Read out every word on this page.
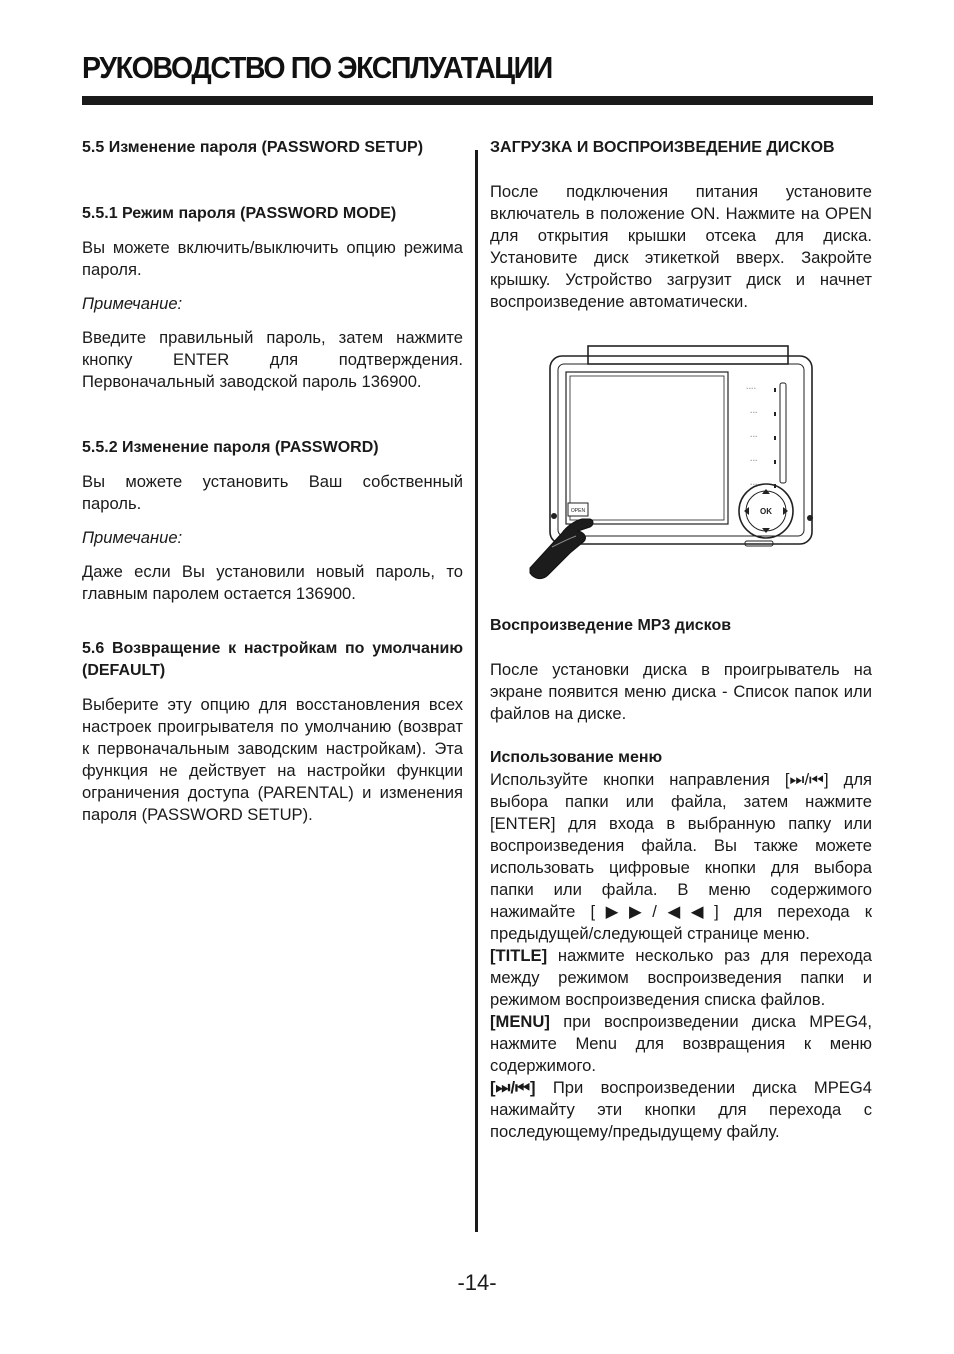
РУКОВОДСТВО ПО ЭКСПЛУАТАЦИИ
5.5 Изменение пароля (PASSWORD SETUP)
5.5.1 Режим пароля (PASSWORD MODE)

Вы можете включить/выключить опцию режима пароля.

Примечание:

Введите правильный пароль, затем нажмите кнопку ENTER для подтверждения. Первоначальный заводской пароль 136900.

5.5.2 Изменение пароля (PASSWORD)

Вы можете установить Ваш собственный пароль.

Примечание:

Даже если Вы установили новый пароль, то главным паролем остается 136900.

5.6 Возвращение к настройкам по умолчанию (DEFAULT)

Выберите эту опцию для восстановления всех настроек проигрывателя по умолчанию (возврат к первоначальным заводским настройкам). Эта функция не действует на настройки функции ограничения доступа (PARENTAL) и изменения пароля (PASSWORD SETUP).

ЗАГРУЗКА И ВОСПРОИЗВЕДЕНИЕ ДИСКОВ

После подключения питания установите включатель в положение ON. Нажмите на OPEN для открытия крышки отсека для диска. Установите диск этикеткой вверх. Закройте крышку. Устройство загрузит диск и начнет воспроизведение автоматически.

⁃⁃⁃⁃
⁃⁃⁃
⁃⁃⁃
⁃⁃⁃
⁃⁃⁃
OPEN	OK
Воспроизведение MP3 дисков

После установки диска в проигрыватель на экране появится меню диска - Список папок или файлов на диске.

Использование меню

Используйте кнопки направления [⏭/⏮] для выбора папки или файла, затем нажмите [ENTER] для входа в выбранную папку или воспроизведения файла. Вы также можете использовать цифровые кнопки для выбора папки или файла. В меню содержимого нажимайте [▶▶/◀◀] для перехода к предыдущей/следующей странице меню.

[TITLE] нажмите несколько раз для перехода между режимом воспроизведения папки и режимом воспроизведения списка файлов.

[MENU] при воспроизведении диска MPEG4, нажмите Menu для возвращения к меню содержимого.

[⏭/⏮] При воспроизведении диска MPEG4 нажимайту эти кнопки для перехода с последующему/предыдущему файлу.

-14-
